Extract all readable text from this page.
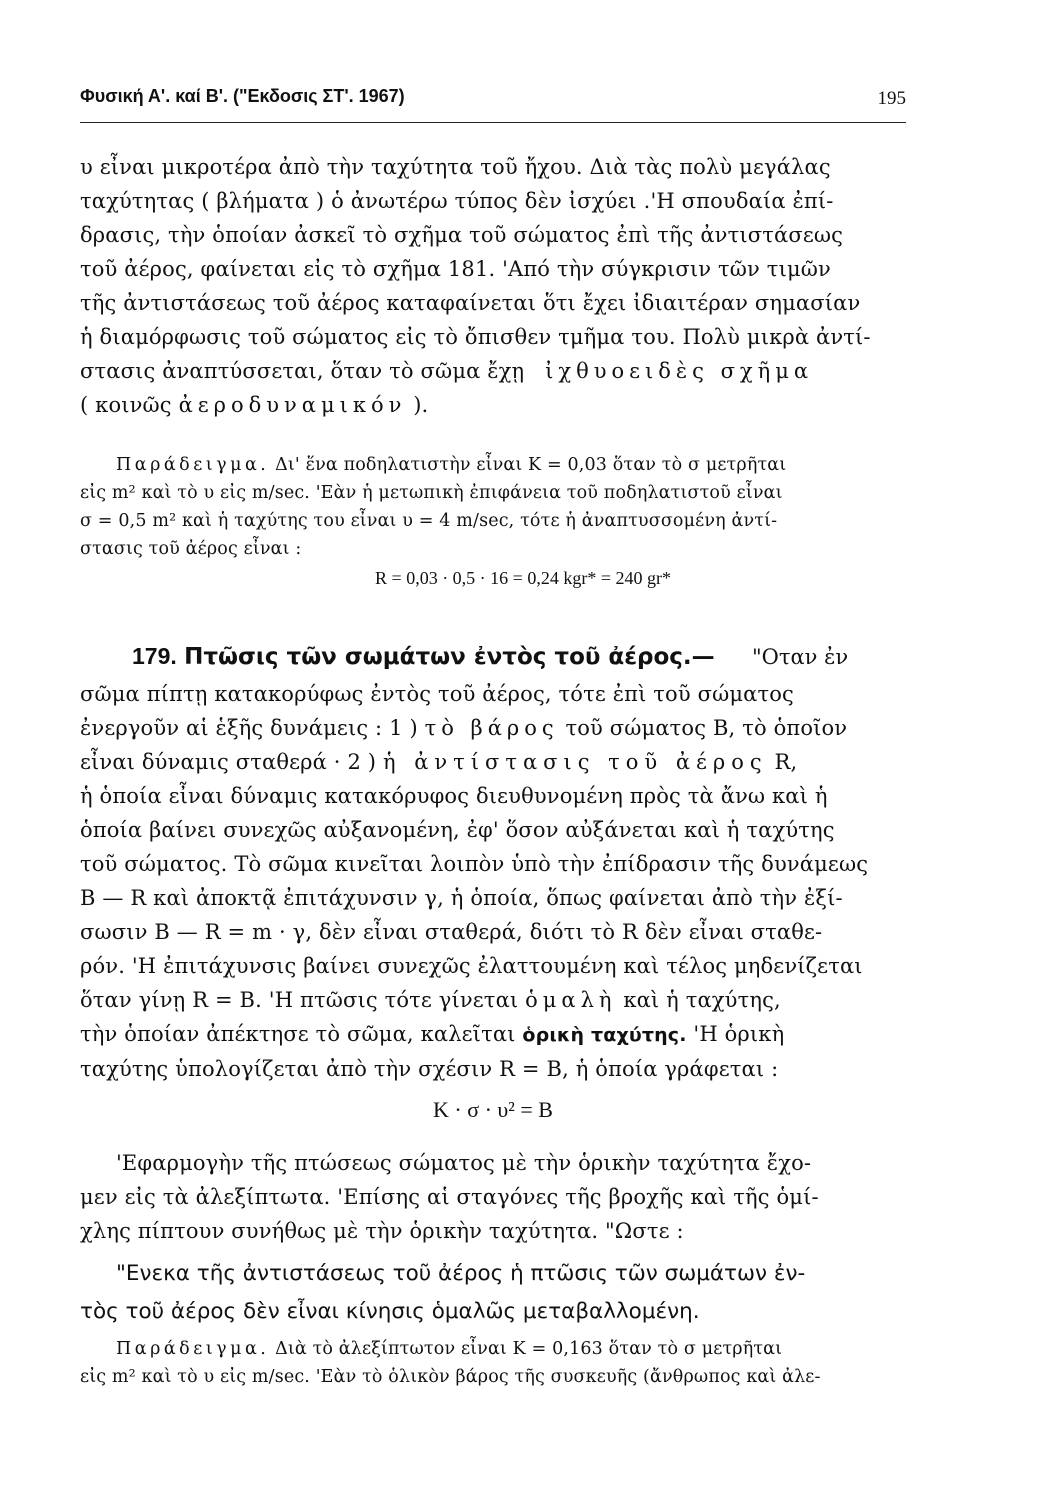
Φυσική Α'. καί Β'. ("Εκδοσις ΣΤ'. 1967)	195
υ εἶναι μικροτέρα ἀπὸ τὴν ταχύτητα τοῦ ἤχου. Διὰ τὰς πολὺ μεγάλας
ταχύτητας ( βλήματα ) ὁ ἀνωτέρω τύπος δὲν ἰσχύει .'Η σπουδαία ἐπί-
δρασις, τὴν ὁποίαν ἀσκεῖ τὸ σχῆμα τοῦ σώματος ἐπὶ τῆς ἀντιστάσεως
τοῦ ἀέρος, φαίνεται εἰς τὸ σχῆμα 181. 'Από τὴν σύγκρισιν τῶν τιμῶν
τῆς ἀντιστάσεως τοῦ ἀέρος καταφαίνεται ὅτι ἔχει ἰδιαιτέραν σημασίαν
ἡ διαμόρφωσις τοῦ σώματος εἰς τὸ ὄπισθεν τμῆμα του. Πολὺ μικρὰ ἀντί-
στασις ἀναπτύσσεται, ὅταν τὸ σῶμα ἔχῃ ἰχθυοειδὲς σχῆμα
( κοινῶς ἀεροδυναμικόν ).
Παράδειγμα. Δι' ἕνα ποδηλατιστὴν εἶναι Κ = 0,03 ὅταν τὸ σ μετρῆται
εἰς m² καὶ τὸ υ εἰς m/sec. 'Εὰν ἡ μετωπικὴ ἐπιφάνεια τοῦ ποδηλατιστοῦ εἶναι
σ = 0,5 m² καὶ ἡ ταχύτης του εἶναι υ = 4 m/sec, τότε ἡ ἀναπτυσσομένη ἀντί-
στασις τοῦ ἀέρος εἶναι :
R = 0,03 · 0,5 · 16 = 0,24 kgr* = 240 gr*
179. Πτῶσις τῶν σωμάτων ἐντὸς τοῦ ἀέρος.— "Οταν ἐν
σῶμα πίπτῃ κατακορύφως ἐντὸς τοῦ ἀέρος, τότε ἐπὶ τοῦ σώματος
ἐνεργοῦν αἱ ἑξῆς δυνάμεις : 1 ) τὸ βάρος τοῦ σώματος B, τὸ ὁποῖον
εἶναι δύναμις σταθερά · 2 ) ἡ ἀντίστασις τοῦ ἀέρος R,
ἡ ὁποία εἶναι δύναμις κατακόρυφος διευθυνομένη πρὸς τὰ ἄνω καὶ ἡ
ὁποία βαίνει συνεχῶς αὐξανομένη, ἐφ' ὅσον αὐξάνεται καὶ ἡ ταχύτης
τοῦ σώματος. Τὸ σῶμα κινεῖται λοιπὸν ὑπὸ τὴν ἐπίδρασιν τῆς δυνάμεως
B — R καὶ ἀποκτᾷ ἐπιτάχυνσιν γ, ἡ ὁποία, ὅπως φαίνεται ἀπὸ τὴν ἐξί-
σωσιν B — R = m · γ, δὲν εἶναι σταθερά, διότι τὸ R δὲν εἶναι σταθε-
ρόν. 'Η ἐπιτάχυνσις βαίνει συνεχῶς ἐλαττουμένη καὶ τέλος μηδενίζεται
ὅταν γίνῃ R = B. 'Η πτῶσις τότε γίνεται ὁμαλὴ καὶ ἡ ταχύτης,
τὴν ὁποίαν ἀπέκτησε τὸ σῶμα, καλεῖται ὁρικὴ ταχύτης. 'Η ὁρικὴ
ταχύτης ὑπολογίζεται ἀπὸ τὴν σχέσιν R = B, ἡ ὁποία γράφεται :
K · σ · υ² = B
'Εφαρμογὴν τῆς πτώσεως σώματος μὲ τὴν ὁρικὴν ταχύτητα ἔχο-
μεν εἰς τὰ ἀλεξίπτωτα. 'Επίσης αἱ σταγόνες τῆς βροχῆς καὶ τῆς ὁμί-
χλης πίπτουν συνήθως μὲ τὴν ὁρικὴν ταχύτητα. "Ωστε :
"Ενεκα τῆς ἀντιστάσεως τοῦ ἀέρος ἡ πτῶσις τῶν σωμάτων ἐν-
τὸς τοῦ ἀέρος δὲν εἶναι κίνησις ὁμαλῶς μεταβαλλομένη.
Παράδειγμα. Διὰ τὸ ἀλεξίπτωτον εἶναι K = 0,163 ὅταν τὸ σ μετρῆται
εἰς m² καὶ τὸ υ εἰς m/sec. 'Εὰν τὸ ὁλικὸν βάρος τῆς συσκευῆς (ἄνθρωπος καὶ ἀλε-
